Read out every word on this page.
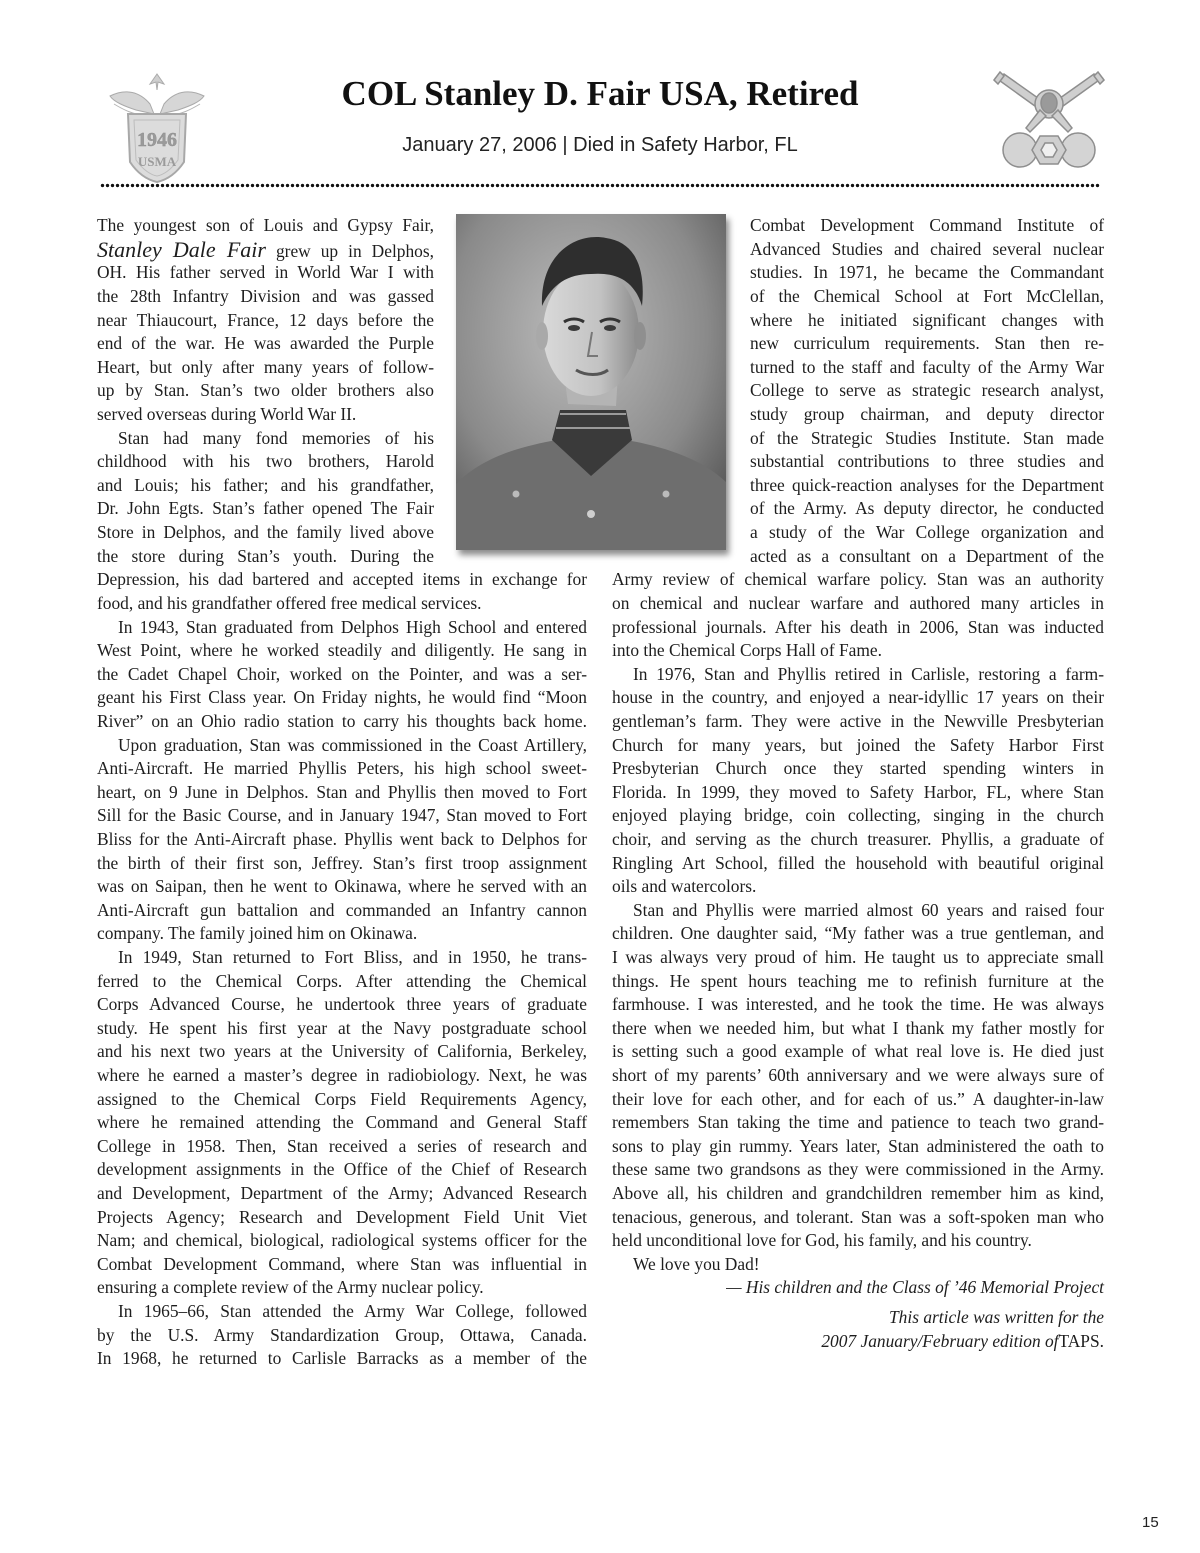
1946
USMA
COL Stanley D. Fair USA, Retired
January 27, 2006 | Died in Safety Harbor, FL
The youngest son of Louis and Gypsy Fair,
Stanley Dale Fair grew up in Delphos,
OH. His father served in World War I with
the 28th Infantry Division and was gassed
near Thiaucourt, France, 12 days before the
end of the war. He was awarded the Purple
Heart, but only after many years of follow-
up by Stan. Stan’s two older brothers also
served overseas during World War II.
Stan had many fond memories of his
childhood with his two brothers, Harold
and Louis; his father; and his grandfather,
Dr. John Egts. Stan’s father opened The Fair
Store in Delphos, and the family lived above
the store during Stan’s youth. During the
Depression, his dad bartered and accepted items in exchange for
food, and his grandfather offered free medical services.
In 1943, Stan graduated from Delphos High School and entered
West Point, where he worked steadily and diligently. He sang in
the Cadet Chapel Choir, worked on the Pointer, and was a ser-
geant his First Class year. On Friday nights, he would find “Moon
River” on an Ohio radio station to carry his thoughts back home.
Upon graduation, Stan was commissioned in the Coast Artillery,
Anti-Aircraft. He married Phyllis Peters, his high school sweet-
heart, on 9 June in Delphos. Stan and Phyllis then moved to Fort
Sill for the Basic Course, and in January 1947, Stan moved to Fort
Bliss for the Anti-Aircraft phase. Phyllis went back to Delphos for
the birth of their first son, Jeffrey. Stan’s first troop assignment
was on Saipan, then he went to Okinawa, where he served with an
Anti-Aircraft gun battalion and commanded an Infantry cannon
company. The family joined him on Okinawa.
In 1949, Stan returned to Fort Bliss, and in 1950, he trans-
ferred to the Chemical Corps. After attending the Chemical
Corps Advanced Course, he undertook three years of graduate
study. He spent his first year at the Navy postgraduate school
and his next two years at the University of California, Berkeley,
where he earned a master’s degree in radiobiology. Next, he was
assigned to the Chemical Corps Field Requirements Agency,
where he remained attending the Command and General Staff
College in 1958. Then, Stan received a series of research and
development assignments in the Office of the Chief of Research
and Development, Department of the Army; Advanced Research
Projects Agency; Research and Development Field Unit Viet
Nam; and chemical, biological, radiological systems officer for the
Combat Development Command, where Stan was influential in
ensuring a complete review of the Army nuclear policy.
In 1965–66, Stan attended the Army War College, followed
by the U.S. Army Standardization Group, Ottawa, Canada.
In 1968, he returned to Carlisle Barracks as a member of the
Combat Development Command Institute of
Advanced Studies and chaired several nuclear
studies. In 1971, he became the Commandant
of the Chemical School at Fort McClellan,
where he initiated significant changes with
new curriculum requirements. Stan then re-
turned to the staff and faculty of the Army War
College to serve as strategic research analyst,
study group chairman, and deputy director
of the Strategic Studies Institute. Stan made
substantial contributions to three studies and
three quick-reaction analyses for the Department
of the Army. As deputy director, he conducted
a study of the War College organization and
acted as a consultant on a Department of the
Army review of chemical warfare policy. Stan was an authority
on chemical and nuclear warfare and authored many articles in
professional journals. After his death in 2006, Stan was inducted
into the Chemical Corps Hall of Fame.
In 1976, Stan and Phyllis retired in Carlisle, restoring a farm-
house in the country, and enjoyed a near-idyllic 17 years on their
gentleman’s farm. They were active in the Newville Presbyterian
Church for many years, but joined the Safety Harbor First
Presbyterian Church once they started spending winters in
Florida. In 1999, they moved to Safety Harbor, FL, where Stan
enjoyed playing bridge, coin collecting, singing in the church
choir, and serving as the church treasurer. Phyllis, a graduate of
Ringling Art School, filled the household with beautiful original
oils and watercolors.
Stan and Phyllis were married almost 60 years and raised four
children. One daughter said, “My father was a true gentleman, and
I was always very proud of him. He taught us to appreciate small
things. He spent hours teaching me to refinish furniture at the
farmhouse. I was interested, and he took the time. He was always
there when we needed him, but what I thank my father mostly for
is setting such a good example of what real love is. He died just
short of my parents’ 60th anniversary and we were always sure of
their love for each other, and for each of us.” A daughter-in-law
remembers Stan taking the time and patience to teach two grand-
sons to play gin rummy. Years later, Stan administered the oath to
these same two grandsons as they were commissioned in the Army.
Above all, his children and grandchildren remember him as kind,
tenacious, generous, and tolerant. Stan was a soft-spoken man who
held unconditional love for God, his family, and his country.
We love you Dad!
— His children and the Class of ’46 Memorial Project
This article was written for the
2007 January/February edition ofTAPS.
15
